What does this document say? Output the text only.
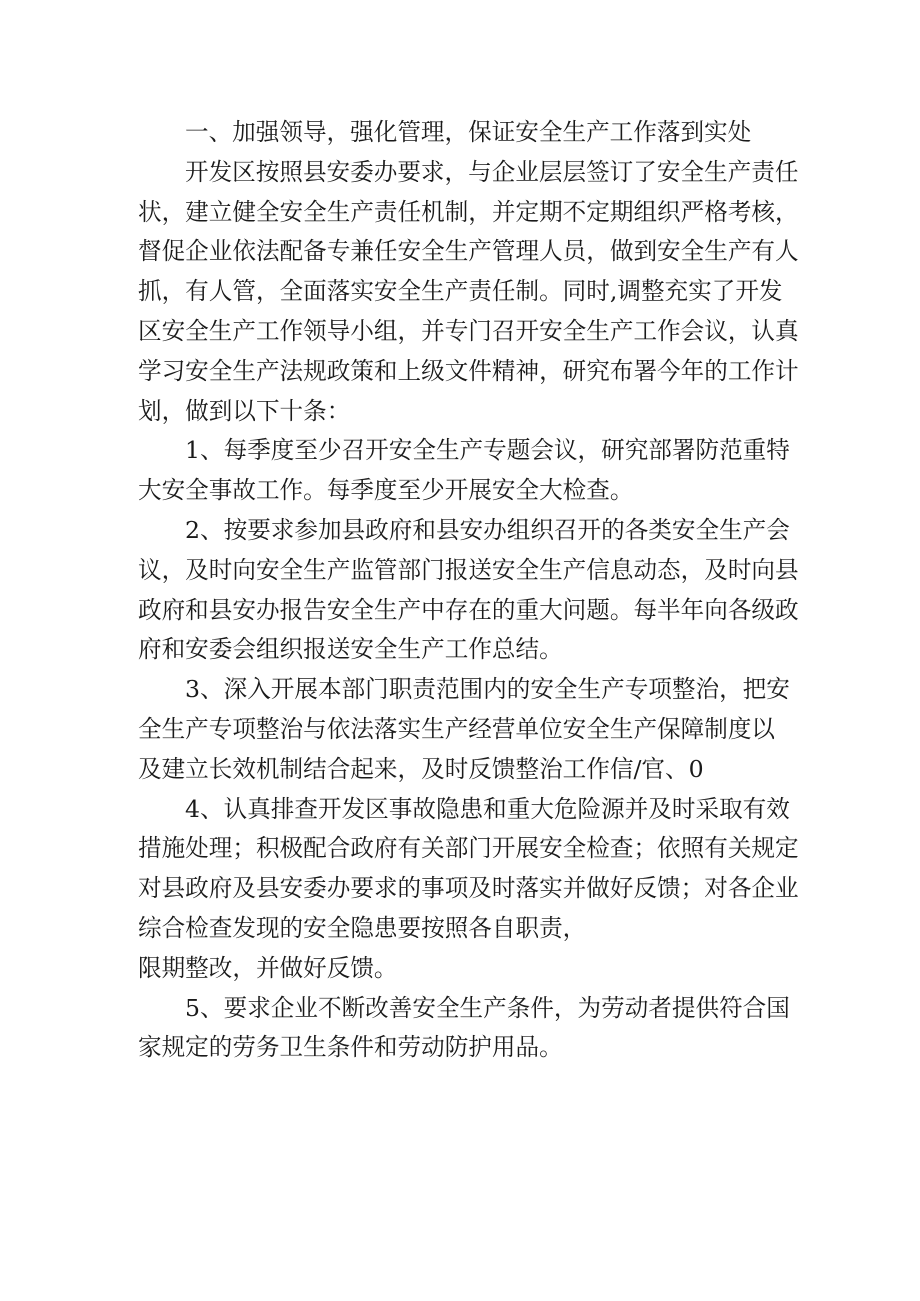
一、加强领导，强化管理，保证安全生产工作落到实处
开发区按照县安委办要求，与企业层层签订了安全生产责任
状，建立健全安全生产责任机制，并定期不定期组织严格考核，
督促企业依法配备专兼任安全生产管理人员，做到安全生产有人
抓，有人管，全面落实安全生产责任制。同时,调整充实了开发
区安全生产工作领导小组，并专门召开安全生产工作会议，认真
学习安全生产法规政策和上级文件精神，研究布署今年的工作计
划，做到以下十条：
1、每季度至少召开安全生产专题会议，研究部署防范重特
大安全事故工作。每季度至少开展安全大检查。
2、按要求参加县政府和县安办组织召开的各类安全生产会
议，及时向安全生产监管部门报送安全生产信息动态，及时向县
政府和县安办报告安全生产中存在的重大问题。每半年向各级政
府和安委会组织报送安全生产工作总结。
3、深入开展本部门职责范围内的安全生产专项整治，把安
全生产专项整治与依法落实生产经营单位安全生产保障制度以
及建立长效机制结合起来，及时反馈整治工作信/官、0
4、认真排查开发区事故隐患和重大危险源并及时采取有效
措施处理；积极配合政府有关部门开展安全检查；依照有关规定
对县政府及县安委办要求的事项及时落实并做好反馈；对各企业
综合检查发现的安全隐患要按照各自职责，
限期整改，并做好反馈。
5、要求企业不断改善安全生产条件，为劳动者提供符合国
家规定的劳务卫生条件和劳动防护用品。
